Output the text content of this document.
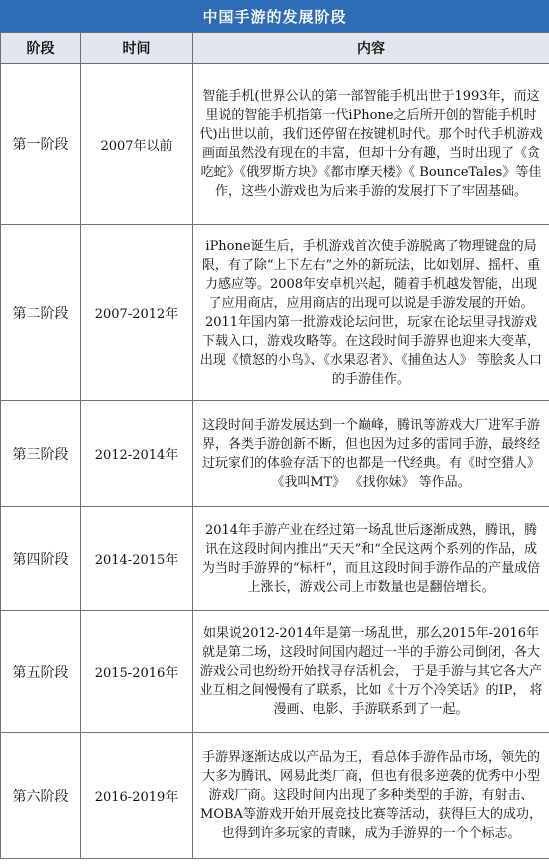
中国手游的发展阶段
阶段	时间	内容
第一阶段	2007年以前	智能手机(世界公认的第一部智能手机出世于1993年，而这里说的智能手机指第一代iPhone之后所开创的智能手机时代)出世以前，我们还停留在按键机时代。那个时代手机游戏画面虽然没有现在的丰富，但却十分有趣，当时出现了《贪吃蛇》《俄罗斯方块》《都市摩天楼》《 BounceTales》等佳作，这些小游戏也为后来手游的发展打下了牢固基础。
第二阶段	2007-2012年	iPhone诞生后，手机游戏首次使手游脱离了物理键盘的局限，有了除“上下左右”之外的新玩法，比如划屏、摇杆、重力感应等。2008年安卓机兴起，随着手机越发智能，出现了应用商店，应用商店的出现可以说是手游发展的开始。2011年国内第一批游戏论坛问世，玩家在论坛里寻找游戏下载入口，游戏攻略等。在这段时间手游界也迎来大变革，出现《愤怒的小鸟》、《水果忍者》、《捕鱼达人》 等脍炙人口的手游佳作。
第三阶段	2012-2014年	这段时间手游发展达到一个巅峰，腾讯等游戏大厂进军手游界，各类手游创新不断，但也因为过多的雷同手游，最终经过玩家们的体验存活下的也都是一代经典。有《时空猎人》《我叫MT》 《找你妹》 等作品。
第四阶段	2014-2015年	2014年手游产业在经过第一场乱世后逐渐成熟，腾讯，腾讯在这段时间内推出“天天”和“全民这两个系列的作品，成为当时手游界的“标杆”，而且这段时间手游作品的产量成倍上涨长，游戏公司上市数量也是翻倍增长。
第五阶段	2015-2016年	如果说2012-2014年是第一场乱世，那么2015年-2016年就是第二场，这段时间国内超过一半的手游公司倒闭，各大游戏公司也纷纷开始找寻存活机会， 于是手游与其它各大产业互相之间慢慢有了联系，比如《十万个冷笑话》的IP， 将漫画、电影、手游联系到了一起。
第六阶段	2016-2019年	手游界逐渐达成以产品为王，看总体手游作品市场，领先的大多为腾讯、网易此类厂商，但也有很多逆袭的优秀中小型游戏厂商。这段时间内出现了多种类型的手游，有射击、MOBA等游戏开始开展竞技比赛等活动，获得巨大的成功，也得到许多玩家的青睐，成为手游界的一个个标志。
